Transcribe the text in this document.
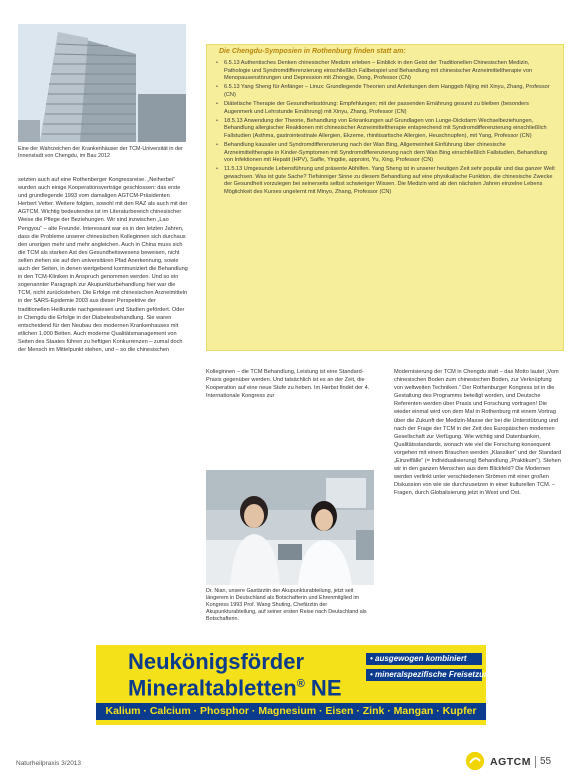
Eine der Wahrzeichen der Krankenhäuser der TCM-Universität in der Innenstadt von Chengdu, im Bau 2012
setzten auch auf eine Rothenberger Kongressreise. „Neiherbei“ wurden auch einige Kooperationsverträge geschlossen: das erste und grundlegende 1993 vom damaligen AGTCM-Präsidenten Herbert Vetter. Weitere folgten, sowohl mit den RAZ als auch mit der AGTCM. Wichtig bedeutendes ist im Literaturbereich chinesischer Weise die Pflege der Beziehungen. Wir sind inzwischen „Lao Pengyou“ – alte Freunde. Interessant war es in den letzten Jahren, dass die Probleme unserer chinesischen Kolleginnen sich durchaus den unsrigen mehr und mehr angleichen. Auch in China muss sich die TCM als starken Ast des Gesundheitswesens beweisen, nicht selten ziehen sie auf den universitären Pfad Anerkennung, sowie auch der Seiten, in denen wertgebend kommuniziert die Behandlung in den TCM-Kliniken in Anspruch genommen werden. Und so ein sogenannter Paragraph zur Akupunkturbehandlung hier war die TCM, nicht zurückstehen. Die Erfolge mit chinesischen Arzneimitteln in der SARS-Epidemie 2003 aus dieser Perspektive der traditionellen Heilkunde nachgewiesen und Studien gefördert. Oder in Chengdu die Erfolge in der Diabetesbehandlung. Sie waren entscheidend für den Neubau des modernen Krankenhauses mit etlichen 1.000 Betten. Auch moderne Qualitätsmanagement von Seiten des Staates führen zu heftigen Konkurrenzen – zumal doch der Mensch im Mittelpunkt stehen, und – so die chinesischen
Die Chengdu-Symposien in Rothenburg finden statt am:
• 6.5.13 Authentisches Denken chinesischer Medizin erleben – Einblick in den Geist der Traditionellen Chinesischen Medizin, Pathologie und Syndromdifferenzierung einschließlich Fallbeispiel und Behandlung mit chinesischer Arzneimitteltherapie von Menopausenstörungen und Depression mit Zhongjie, Dong, Professor (CN)
• 6.5.13 Yang Sheng für Anfänger – Linux: Grundlegende Theorien und Anleitungen dem Hanggeb Nijing mit Xinyu, Zhang, Professor (CN)
• Diätetische Therapie der Gesundheitsstörung: Empfehlungen; mit der passenden Ernährung gesund zu bleiben (besonders Augenmerk und Lehrstunde Ernährung) mit Xinyu, Zhang, Professor (CN)
• 18.5.13 Anwendung der Theorie, Behandlung von Erkrankungen auf Grundlagen von Lunge-Dickdarm Wechselbeziehungen, Behandlung allergischer Reaktionen mit chinesischer Arzneimitteltherapie entsprechend mit Syndromdifferenzierung einschließlich Fallstudien (Asthma, gastrointestinale Allergien, Ekzeme, rhinitisartische Allergien, Heuschnupfen), mit Yang, Professor (CN)
• Behandlung kausaler und Syndromdifferenzierung nach der Wan Bing, Allgemeinheit Einführung über chinesische Arzneimitteltherapie in Kinder-Symptomen mit Syndromdifferenzierung nach dem Wan Bing einschließlich Fallstudien, Behandlung von Infektionen mit Hepatit (HPV), Saifle, Yingdie, approint, Yu, Xing, Professor (CN)
• 11.5.13 Umgesunde Lebensführung und präsente Abhilfen. Yang Sheng ist in unserer heutigen Zeit sehr populär und das ganzer Welt gewachsen. Was ist gute Sache? Tiefsinniger Sinne zu diesem Behandlung auf eine physikalische Funktion, die chinesische Zwecke der Gesundheit vorzulegen bei seinerseits selbst schwieriger Wissen. Die Medizin wird ab den nächsten Jahren einzelne Lebens Möglichkeit des Kurses ungelernt mit Minyo, Zhang, Professor (CN)
Kolleginnen – die TCM Behandlung, Leistung ist eine Standard-Praxis gegenüber werden. Und tatsächlich ist es an der Zeit, die Kooperation auf eine neue Stufe zu heben. Im Herbst findet der 4. Internationale Kongress zur
Dr. Nian, unsere Gastärztin der Akupunkturabteilung, jetzt seit längerem in Deutschland als Botschafterin und Ehrenmitglied im Kongress 1993 Prof. Wang Shuting, Chefärztin der Akupunkturabteilung, auf seiner ersten Reise nach Deutschland als Botschafterin.
Modernisierung der TCM in Chengdu statt – das Motto lautet „Vom chinesischen Boden zum chinesischen Boden, zur Verknüpfung von weltweiten Techniken.“ Der Rothenburger Kongress ist in die Gestaltung des Programms beteiligt worden, und Deutsche Referenten werden über Praxis und Forschung vortragen! Die wieder einmal wird von dem Mal in Rothenburg mit einem Vortrag über die Zukunft der Medizin-Masse der bei die Unterstützung und nach der Frage der TCM in der Zeit des Europäischen modernen Gesellschaft zur Verfügung. Wie wichtig sind Datenbanken, Qualitätsstandards, wonach wie viel die Forschung konsequent vorgehen mit einem Brauchen werden „Klassiker“ und der Standard „Einzelfälle“ (= Individualisierung) Behandlung „Praktikum“). Stehen wir in den ganzen Menschen aus dem Blickfeld? Die Modernen werden verlinkt unter verschiedenen Strömen mit einer großen Diskussion von wie sie durchzusetzen in einer kulturellen TCM. – Fragen, durch Globalisierung jetzt in West und Ost.
Neukönigsförder
Mineraltabletten® NE
• ausgewogen kombiniert
• mineralspezifische Freisetzung
Kalium · Calcium · Phosphor · Magnesium · Eisen · Zink · Mangan · Kupfer
Naturheilpraxis 3/2013	AGTCM 55
